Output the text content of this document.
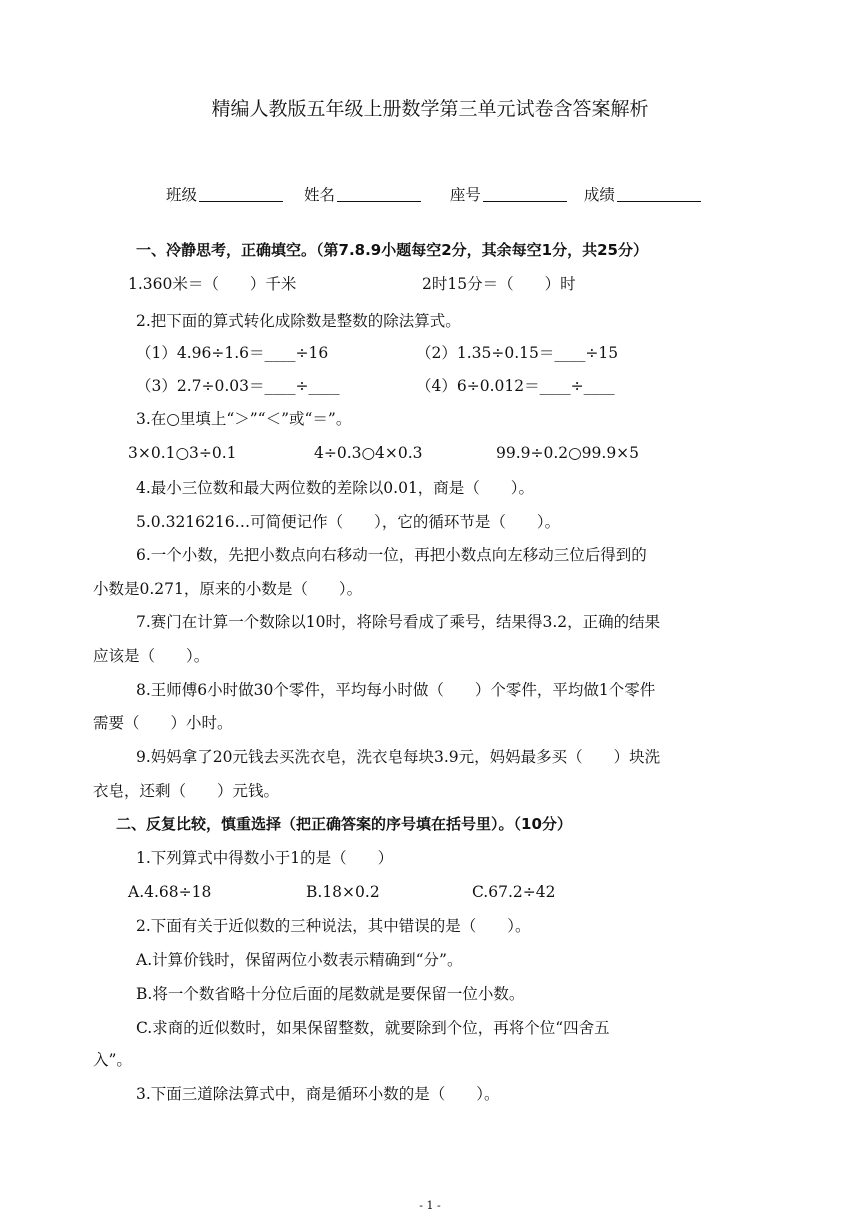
精编人教版五年级上册数学第三单元试卷含答案解析
班级	姓名	座号	成绩
一、冷静思考，正确填空。（第7.8.9小题每空2分，其余每空1分，共25分）
1.360米＝（　　）千米	2时15分＝（　　）时
2.把下面的算式转化成除数是整数的除法算式。
（1）4.96÷1.6＝____÷16	（2）1.35÷0.15＝____÷15
（3）2.7÷0.03＝____÷____	（4）6÷0.012＝____÷____
3.在○里填上“＞”“＜”或“＝”。
3×0.1○3÷0.1	4÷0.3○4×0.3	99.9÷0.2○99.9×5
4.最小三位数和最大两位数的差除以0.01，商是（　　）。
5.0.3216216…可简便记作（　　），它的循环节是（　　）。
6.一个小数，先把小数点向右移动一位，再把小数点向左移动三位后得到的
小数是0.271，原来的小数是（　　）。
7.赛门在计算一个数除以10时，将除号看成了乘号，结果得3.2，正确的结果
应该是（　　）。
8.王师傅6小时做30个零件，平均每小时做（　　）个零件，平均做1个零件
需要（　　）小时。
9.妈妈拿了20元钱去买洗衣皂，洗衣皂每块3.9元，妈妈最多买（　　）块洗
衣皂，还剩（　　）元钱。
二、反复比较，慎重选择（把正确答案的序号填在括号里）。（10分）
1.下列算式中得数小于1的是（　　）
A.4.68÷18	B.18×0.2	C.67.2÷42
2.下面有关于近似数的三种说法，其中错误的是（　　）。
A.计算价钱时，保留两位小数表示精确到“分”。
B.将一个数省略十分位后面的尾数就是要保留一位小数。
C.求商的近似数时，如果保留整数，就要除到个位，再将个位“四舍五
入”。
3.下面三道除法算式中，商是循环小数的是（　　）。
- 1 -
